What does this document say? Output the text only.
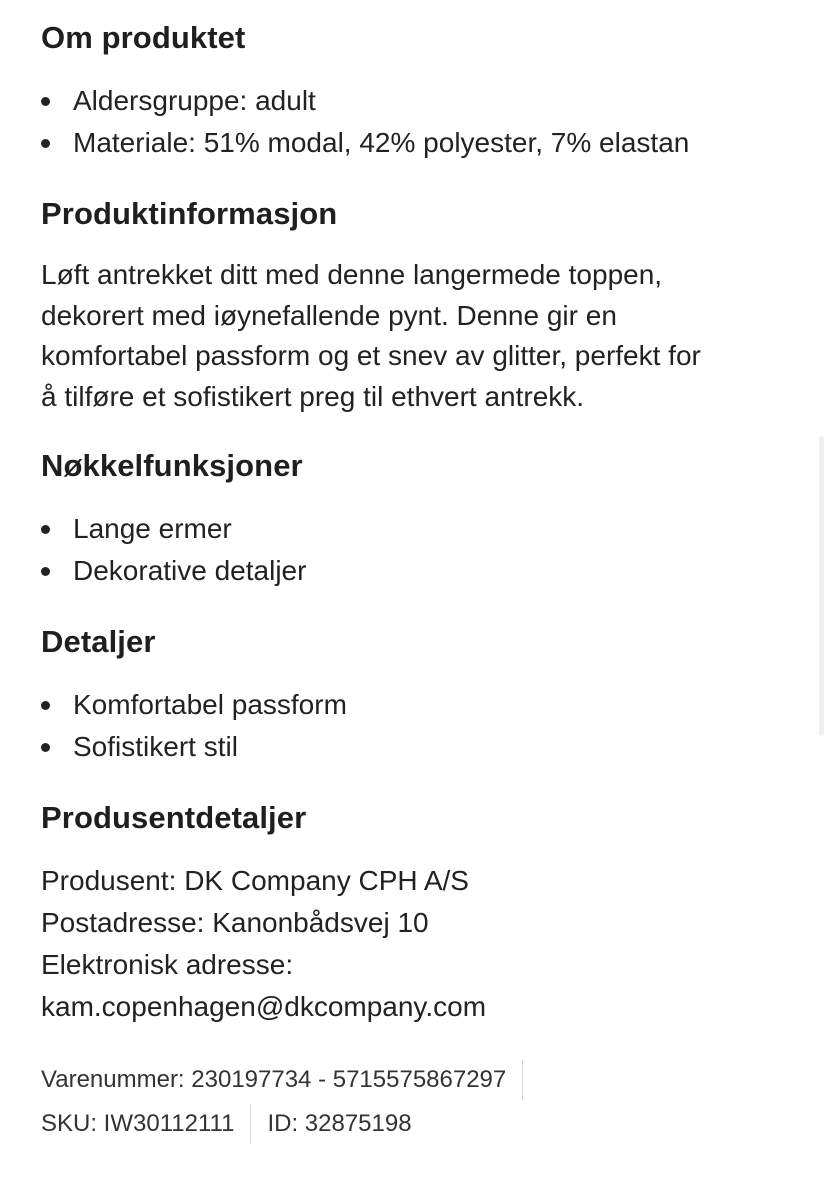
Om produktet
Aldersgruppe: adult
Materiale: 51% modal, 42% polyester, 7% elastan
Produktinformasjon
Løft antrekket ditt med denne langermede toppen,
dekorert med iøynefallende pynt. Denne gir en
komfortabel passform og et snev av glitter, perfekt for
å tilføre et sofistikert preg til ethvert antrekk.
Nøkkelfunksjoner
Lange ermer
Dekorative detaljer
Detaljer
Komfortabel passform
Sofistikert stil
Produsentdetaljer
Produsent: DK Company CPH A/S
Postadresse: Kanonbådsvej 10
Elektronisk adresse:
kam.copenhagen@dkcompany.com
Varenummer: 230197734 - 5715575867297
SKU: IW30112111 ID: 32875198
